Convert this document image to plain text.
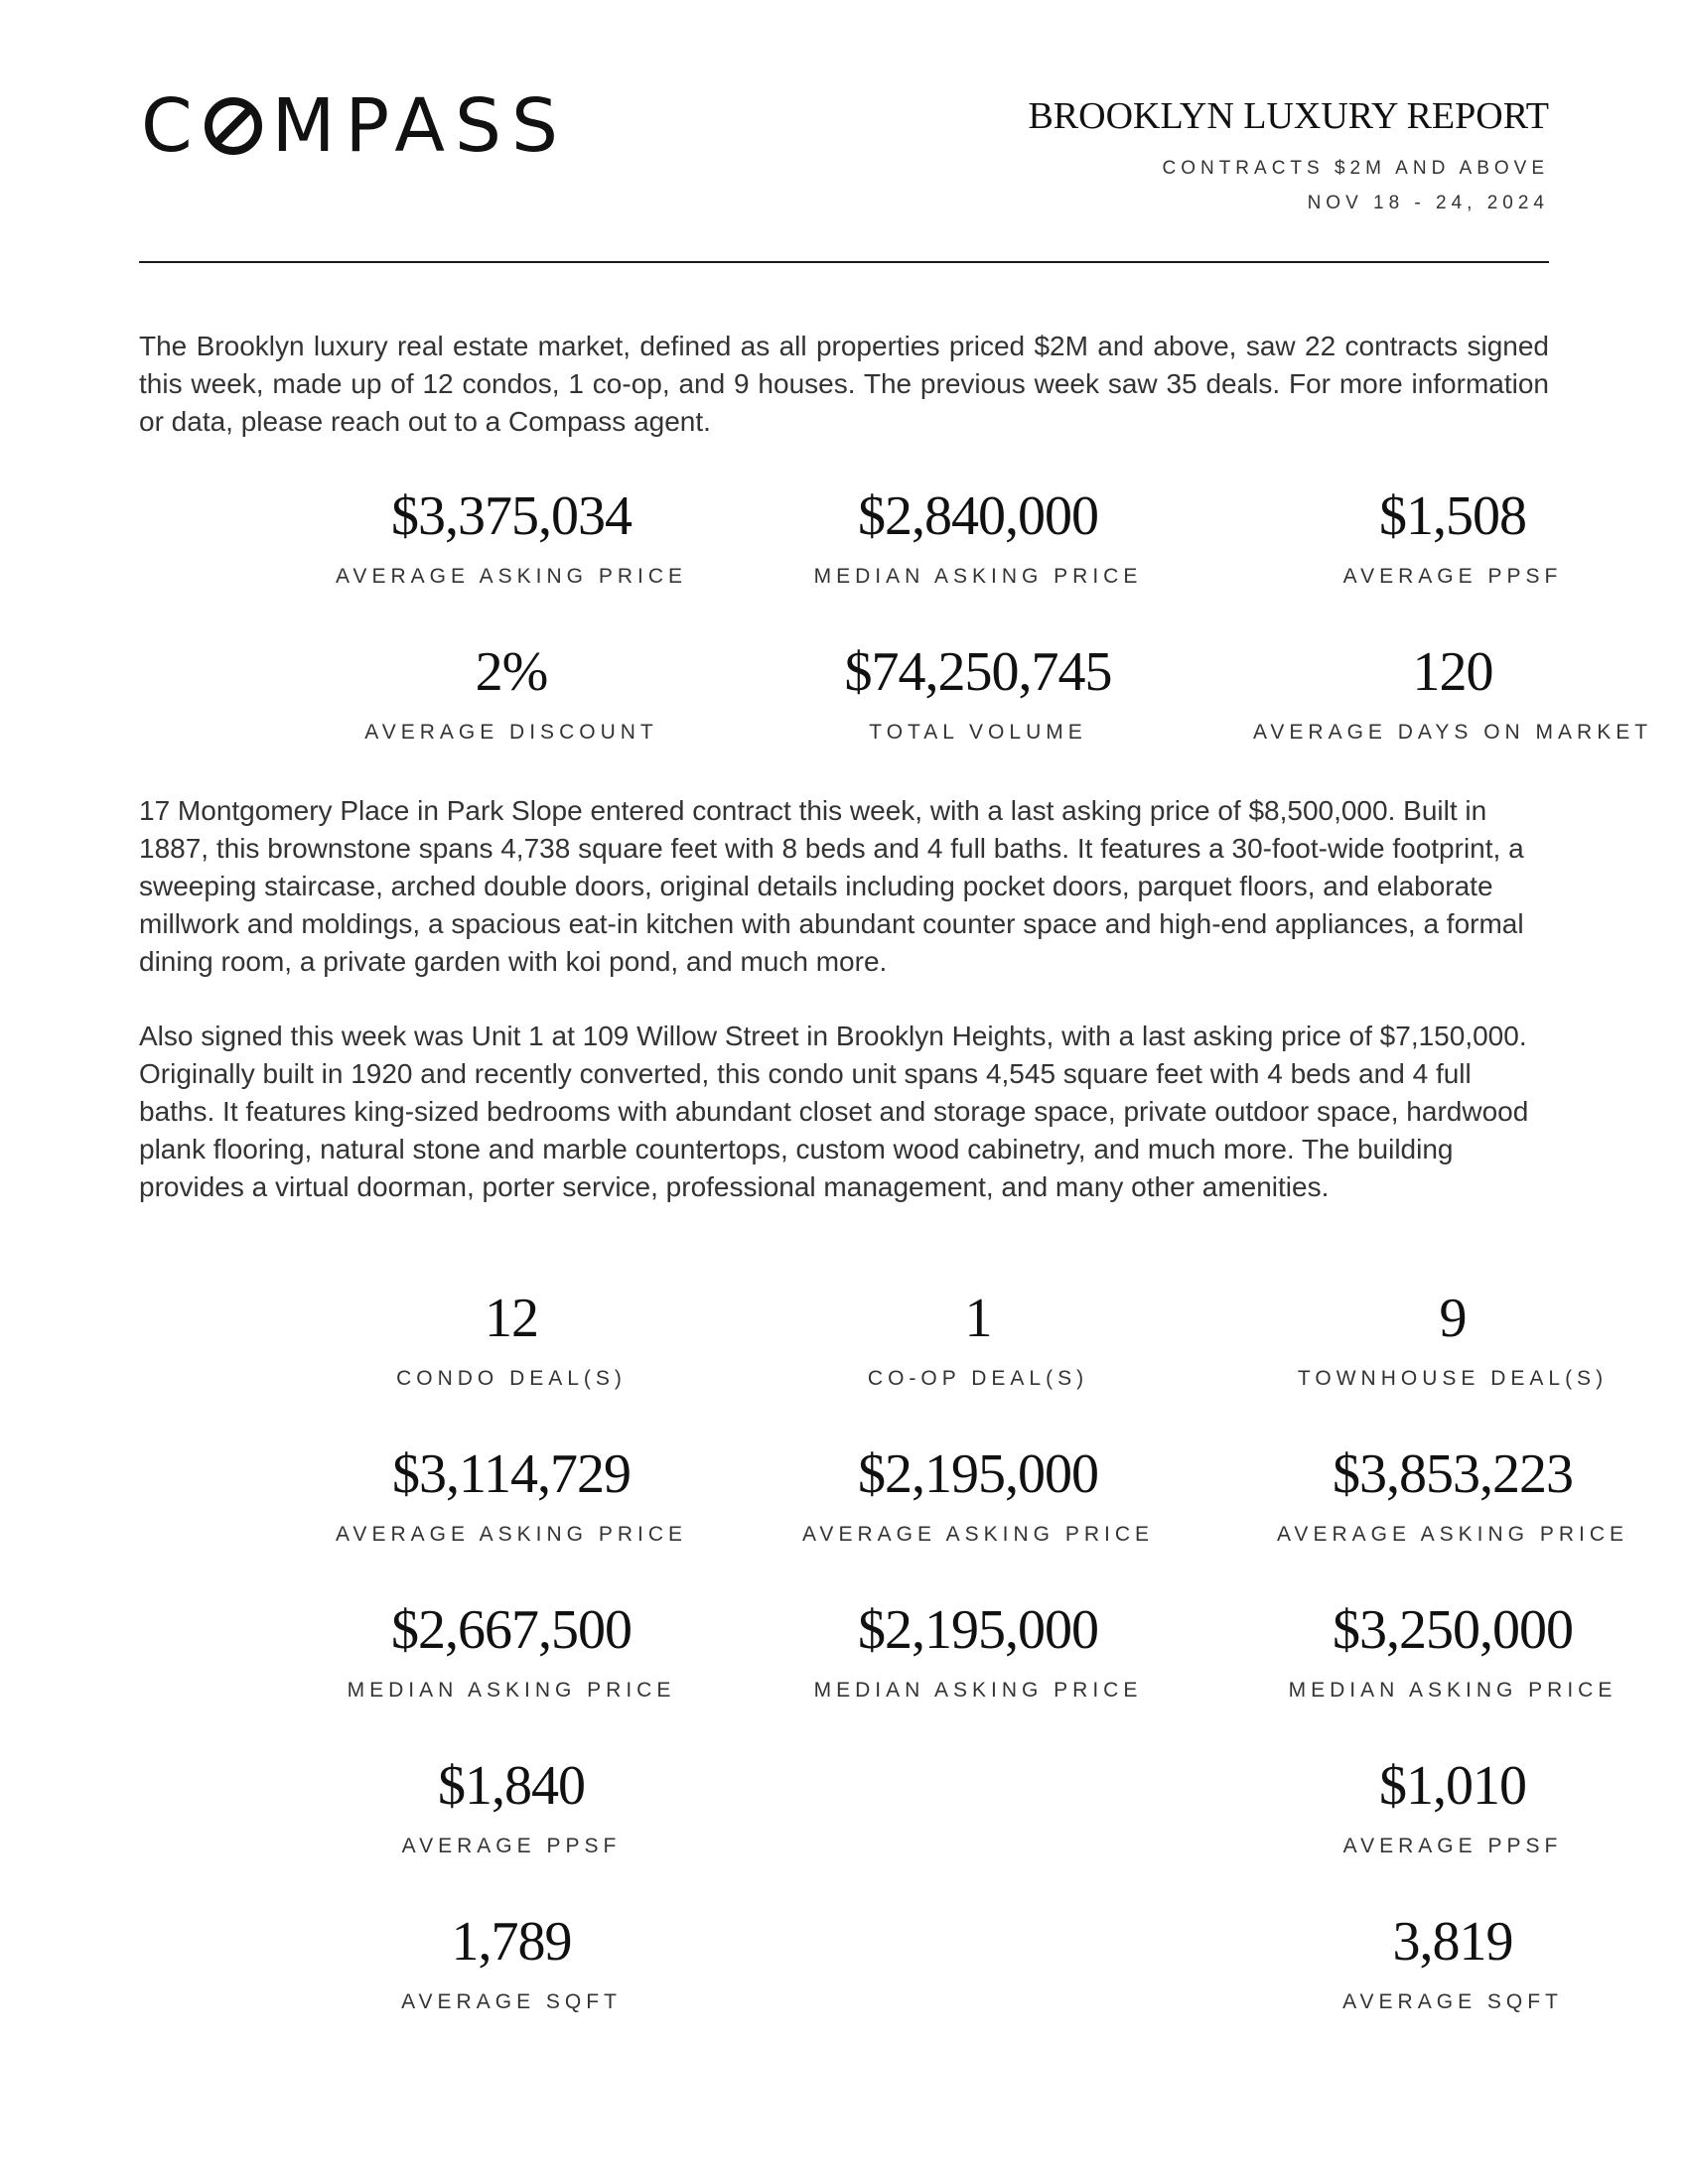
C MPASS	BROOKLYN LUXURY REPORT
CONTRACTS $2M AND ABOVE
NOV 18 - 24, 2024

The Brooklyn luxury real estate market, defined as all properties priced $2M and above, saw 22 contracts signed this week, made up of 12 condos, 1 co-op, and 9 houses. The previous week saw 35 deals. For more information or data, please reach out to a Compass agent.

$3,375,034
AVERAGE ASKING PRICE
$2,840,000
MEDIAN ASKING PRICE
$1,508
AVERAGE PPSF
2%
AVERAGE DISCOUNT
$74,250,745
TOTAL VOLUME
120
AVERAGE DAYS ON MARKET

17 Montgomery Place in Park Slope entered contract this week, with a last asking price of $8,500,000. Built in 1887, this brownstone spans 4,738 square feet with 8 beds and 4 full baths. It features a 30-foot-wide footprint, a sweeping staircase, arched double doors, original details including pocket doors, parquet floors, and elaborate millwork and moldings, a spacious eat-in kitchen with abundant counter space and high-end appliances, a formal dining room, a private garden with koi pond, and much more.

Also signed this week was Unit 1 at 109 Willow Street in Brooklyn Heights, with a last asking price of $7,150,000. Originally built in 1920 and recently converted, this condo unit spans 4,545 square feet with 4 beds and 4 full baths. It features king-sized bedrooms with abundant closet and storage space, private outdoor space, hardwood plank flooring, natural stone and marble countertops, custom wood cabinetry, and much more. The building provides a virtual doorman, porter service, professional management, and many other amenities.

12
CONDO DEAL(S)
1
CO-OP DEAL(S)
9
TOWNHOUSE DEAL(S)
$3,114,729
AVERAGE ASKING PRICE
$2,195,000
AVERAGE ASKING PRICE
$3,853,223
AVERAGE ASKING PRICE
$2,667,500
MEDIAN ASKING PRICE
$2,195,000
MEDIAN ASKING PRICE
$3,250,000
MEDIAN ASKING PRICE
$1,840
AVERAGE PPSF
$1,010
AVERAGE PPSF
1,789
AVERAGE SQFT
3,819
AVERAGE SQFT
